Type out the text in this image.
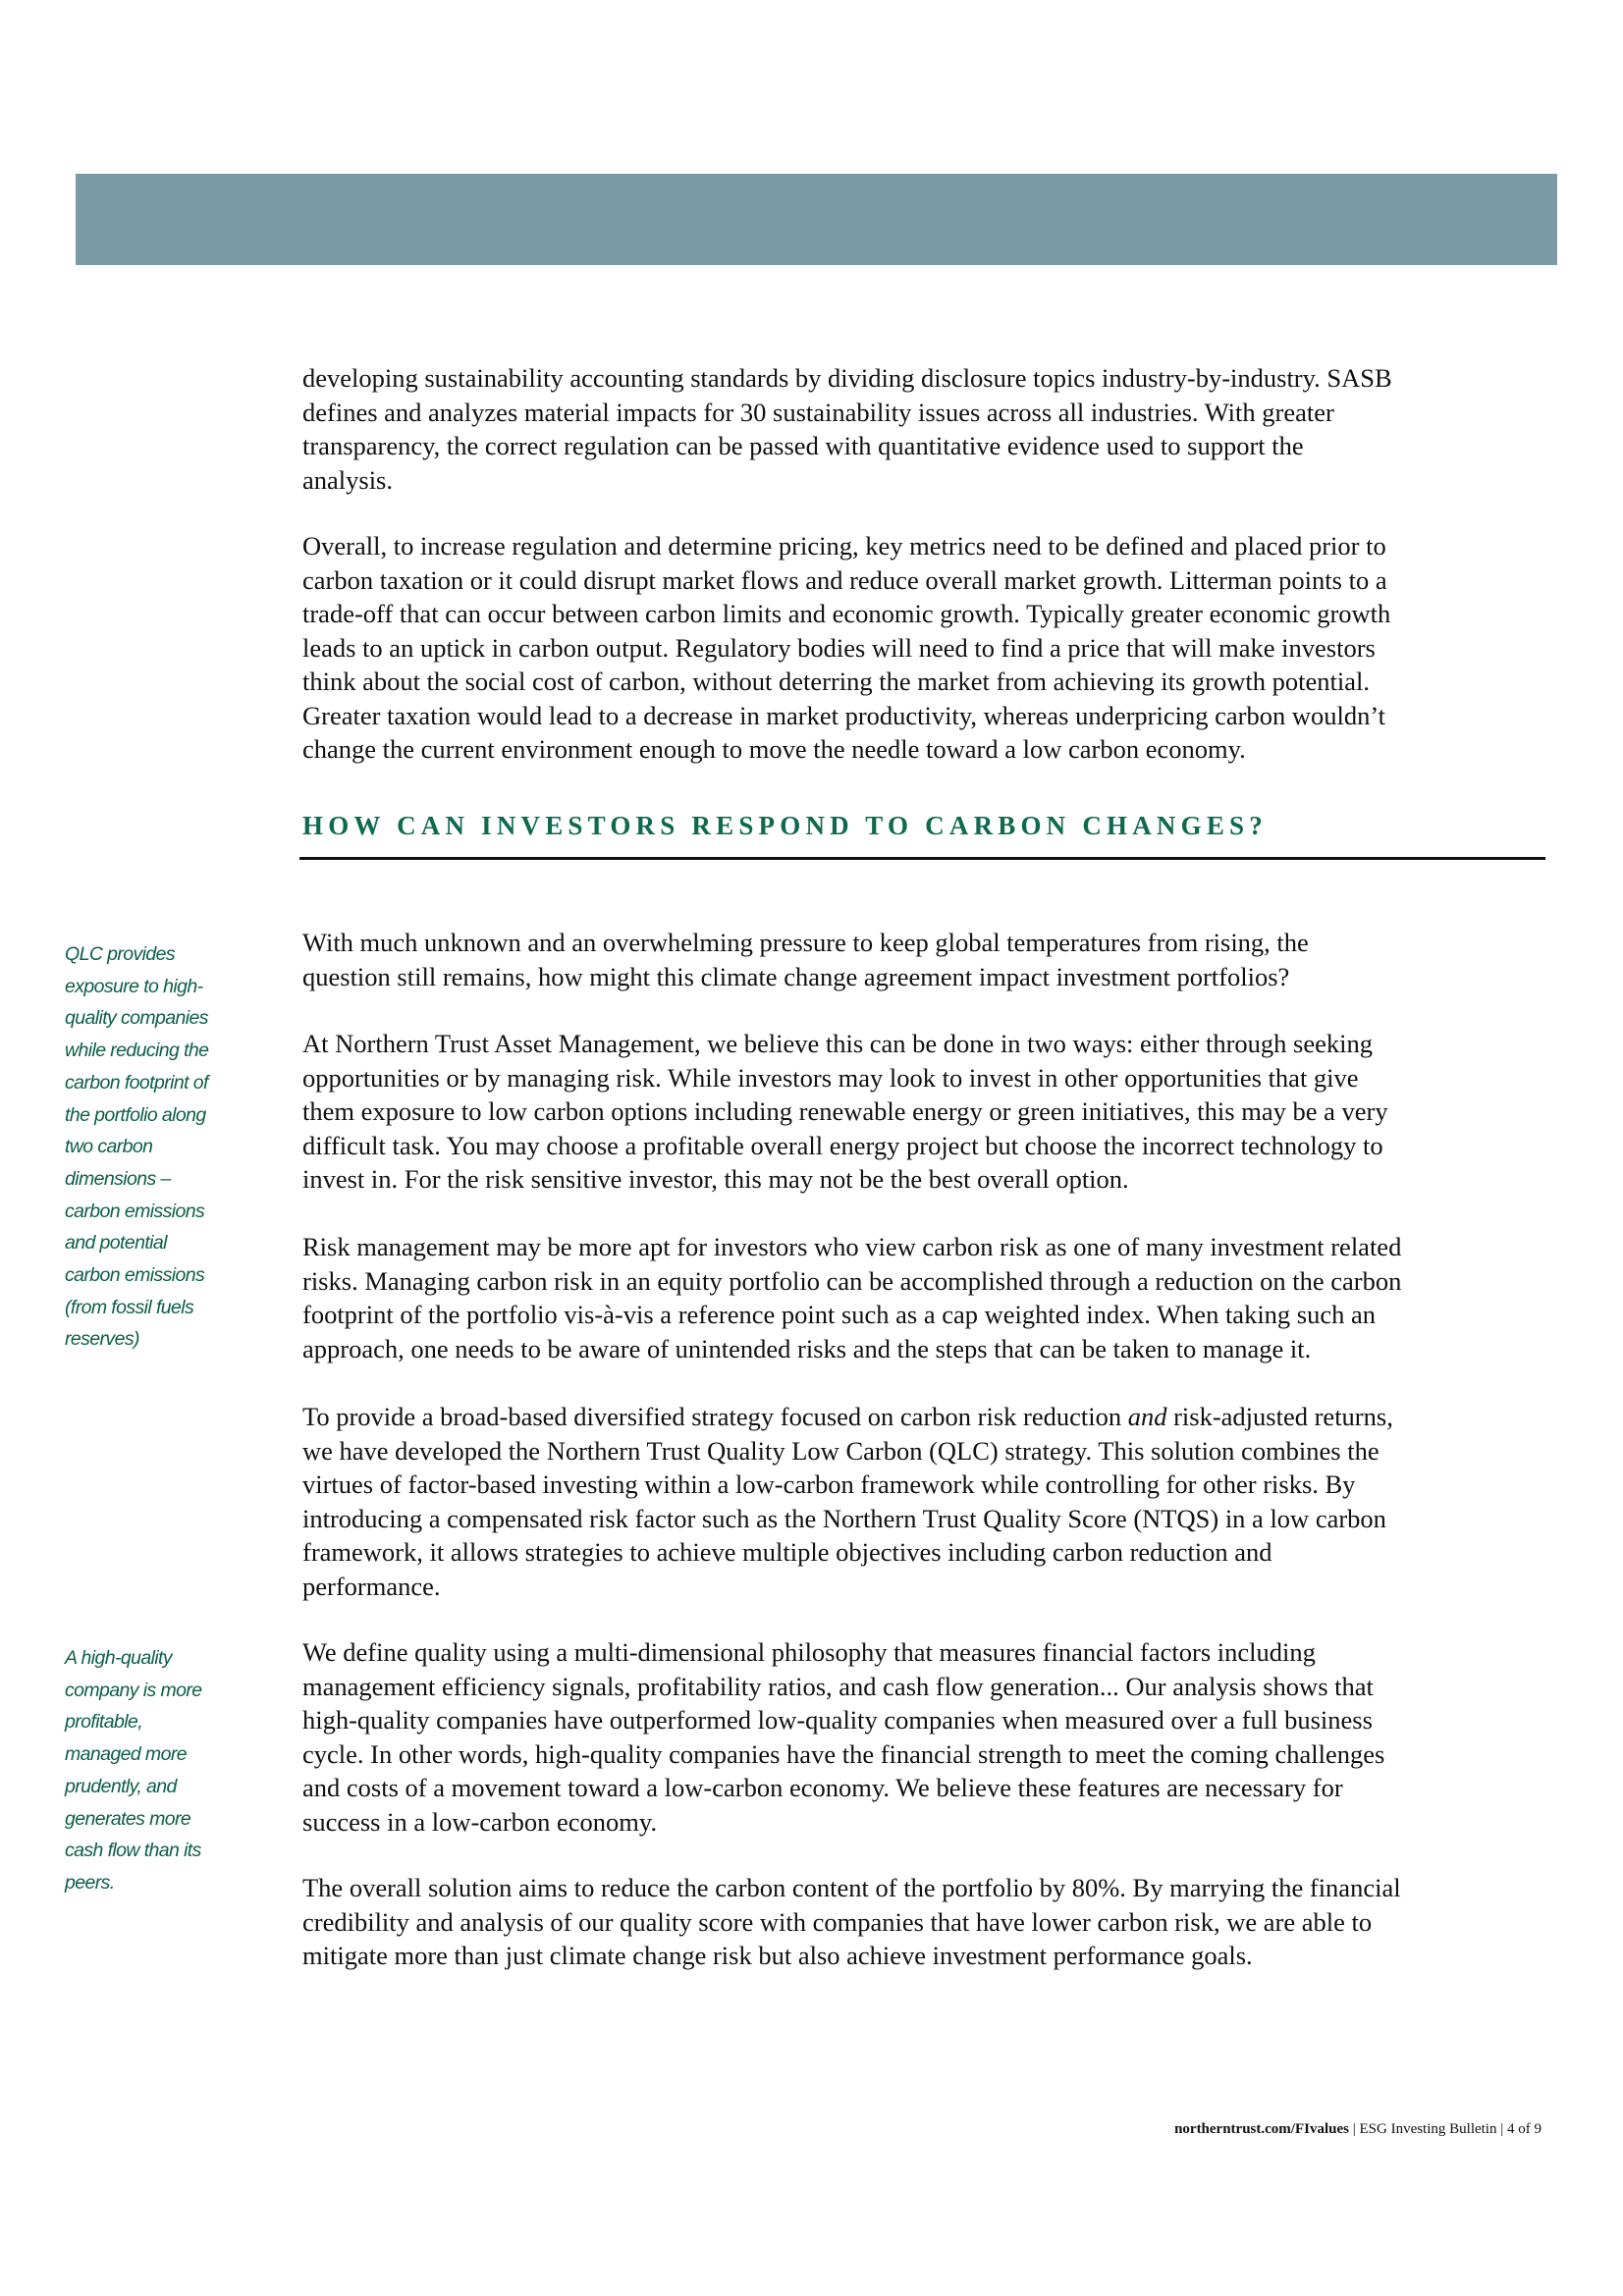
developing sustainability accounting standards by dividing disclosure topics industry-by-industry. SASB
defines and analyzes material impacts for 30 sustainability issues across all industries. With greater
transparency, the correct regulation can be passed with quantitative evidence used to support the
analysis.
Overall, to increase regulation and determine pricing, key metrics need to be defined and placed prior to
carbon taxation or it could disrupt market flows and reduce overall market growth. Litterman points to a
trade-off that can occur between carbon limits and economic growth. Typically greater economic growth
leads to an uptick in carbon output. Regulatory bodies will need to find a price that will make investors
think about the social cost of carbon, without deterring the market from achieving its growth potential.
Greater taxation would lead to a decrease in market productivity, whereas underpricing carbon wouldn’t
change the current environment enough to move the needle toward a low carbon economy.
HOW CAN INVESTORS RESPOND TO CARBON CHANGES?
With much unknown and an overwhelming pressure to keep global temperatures from rising, the
question still remains, how might this climate change agreement impact investment portfolios?
At Northern Trust Asset Management, we believe this can be done in two ways: either through seeking
opportunities or by managing risk. While investors may look to invest in other opportunities that give
them exposure to low carbon options including renewable energy or green initiatives, this may be a very
difficult task. You may choose a profitable overall energy project but choose the incorrect technology to
invest in. For the risk sensitive investor, this may not be the best overall option.
Risk management may be more apt for investors who view carbon risk as one of many investment related
risks. Managing carbon risk in an equity portfolio can be accomplished through a reduction on the carbon
footprint of the portfolio vis-à-vis a reference point such as a cap weighted index. When taking such an
approach, one needs to be aware of unintended risks and the steps that can be taken to manage it.
To provide a broad-based diversified strategy focused on carbon risk reduction and risk-adjusted returns,
we have developed the Northern Trust Quality Low Carbon (QLC) strategy. This solution combines the
virtues of factor-based investing within a low-carbon framework while controlling for other risks. By
introducing a compensated risk factor such as the Northern Trust Quality Score (NTQS) in a low carbon
framework, it allows strategies to achieve multiple objectives including carbon reduction and
performance.
We define quality using a multi-dimensional philosophy that measures financial factors including
management efficiency signals, profitability ratios, and cash flow generation... Our analysis shows that
high-quality companies have outperformed low-quality companies when measured over a full business
cycle. In other words, high-quality companies have the financial strength to meet the coming challenges
and costs of a movement toward a low-carbon economy. We believe these features are necessary for
success in a low-carbon economy.
The overall solution aims to reduce the carbon content of the portfolio by 80%. By marrying the financial
credibility and analysis of our quality score with companies that have lower carbon risk, we are able to
mitigate more than just climate change risk but also achieve investment performance goals.
QLC provides
exposure to high-
quality companies
while reducing the
carbon footprint of
the portfolio along
two carbon
dimensions –
carbon emissions
and potential
carbon emissions
(from fossil fuels
reserves)
A high-quality
company is more
profitable,
managed more
prudently, and
generates more
cash flow than its
peers.
northerntrust.com/FIvalues | ESG Investing Bulletin | 4 of 9
